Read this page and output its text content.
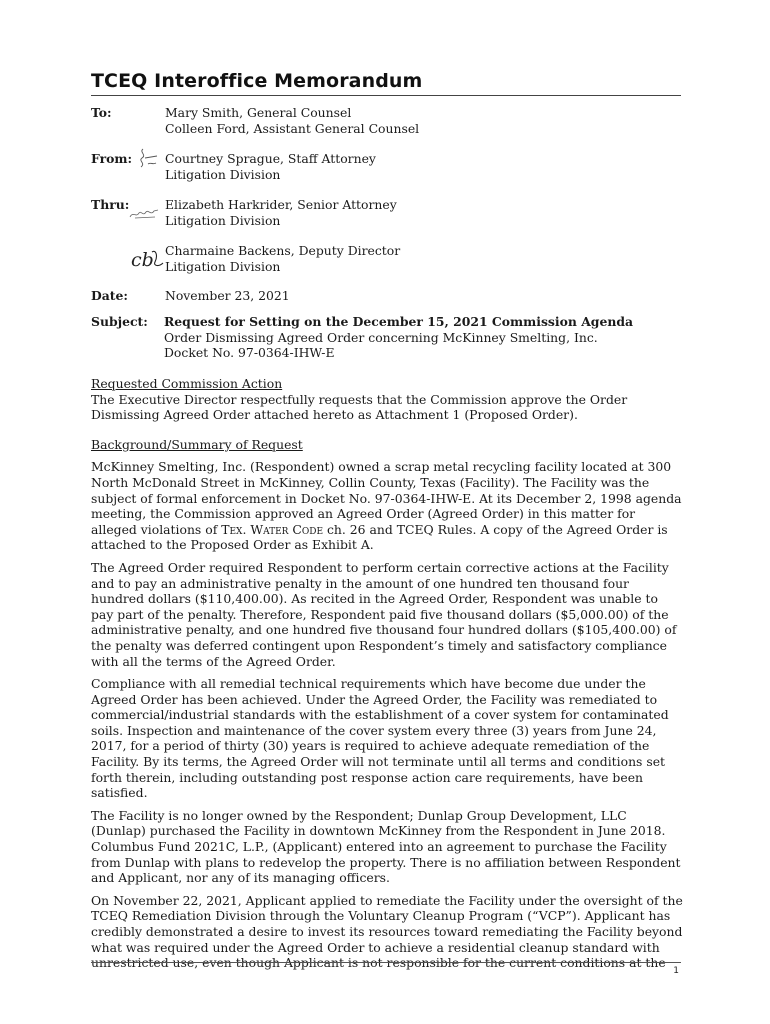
TCEQ Interoffice Memorandum
To:	Mary Smith, General Counsel
Colleen Ford, Assistant General Counsel
From:	Courtney Sprague, Staff Attorney
Litigation Division
Thru:	Elizabeth Harkrider, Senior Attorney
Litigation Division
cb Charmaine Backens, Deputy Director
Litigation Division
Date:	November 23, 2021
Subject:	Request for Setting on the December 15, 2021 Commission Agenda
Order Dismissing Agreed Order concerning McKinney Smelting, Inc.
Docket No. 97-0364-IHW-E
Requested Commission Action

The Executive Director respectfully requests that the Commission approve the Order Dismissing Agreed Order attached hereto as Attachment 1 (Proposed Order).

Background/Summary of Request

McKinney Smelting, Inc. (Respondent) owned a scrap metal recycling facility located at 300 North McDonald Street in McKinney, Collin County, Texas (Facility). The Facility was the subject of formal enforcement in Docket No. 97-0364-IHW-E. At its December 2, 1998 agenda meeting, the Commission approved an Agreed Order (Agreed Order) in this matter for alleged violations of Tex. Water Code ch. 26 and TCEQ Rules. A copy of the Agreed Order is attached to the Proposed Order as Exhibit A.

The Agreed Order required Respondent to perform certain corrective actions at the Facility and to pay an administrative penalty in the amount of one hundred ten thousand four hundred dollars ($110,400.00). As recited in the Agreed Order, Respondent was unable to pay part of the penalty. Therefore, Respondent paid five thousand dollars ($5,000.00) of the administrative penalty, and one hundred five thousand four hundred dollars ($105,400.00) of the penalty was deferred contingent upon Respondent’s timely and satisfactory compliance with all the terms of the Agreed Order.

Compliance with all remedial technical requirements which have become due under the Agreed Order has been achieved. Under the Agreed Order, the Facility was remediated to commercial/industrial standards with the establishment of a cover system for contaminated soils. Inspection and maintenance of the cover system every three (3) years from June 24, 2017, for a period of thirty (30) years is required to achieve adequate remediation of the Facility. By its terms, the Agreed Order will not terminate until all terms and conditions set forth therein, including outstanding post response action care requirements, have been satisfied.

The Facility is no longer owned by the Respondent; Dunlap Group Development, LLC (Dunlap) purchased the Facility in downtown McKinney from the Respondent in June 2018. Columbus Fund 2021C, L.P., (Applicant) entered into an agreement to purchase the Facility from Dunlap with plans to redevelop the property. There is no affiliation between Respondent and Applicant, nor any of its managing officers.

On November 22, 2021, Applicant applied to remediate the Facility under the oversight of the TCEQ Remediation Division through the Voluntary Cleanup Program (“VCP”). Applicant has credibly demonstrated a desire to invest its resources toward remediating the Facility beyond what was required under the Agreed Order to achieve a residential cleanup standard with unrestricted use, even though Applicant is not responsible for the current conditions at the

1
